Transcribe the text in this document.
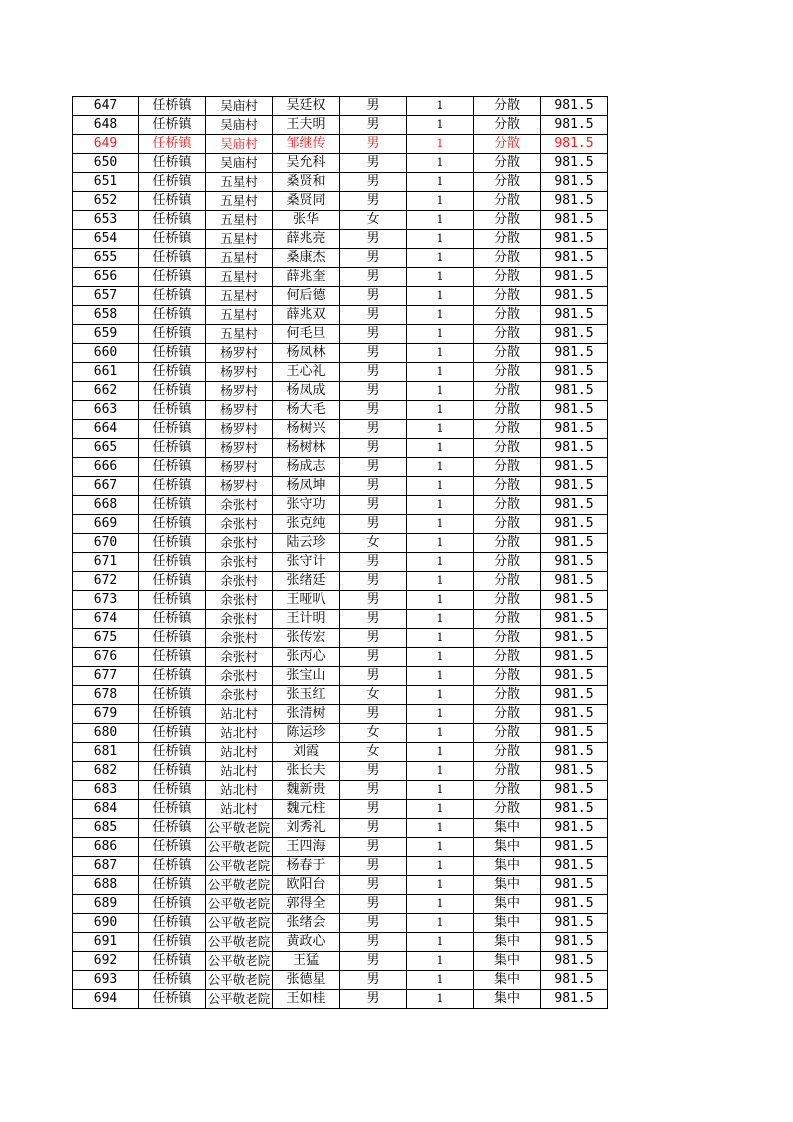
647	任桥镇	吴庙村	吴廷权	男	1	分散	981.5
648	任桥镇	吴庙村	王夫明	男	1	分散	981.5
649	任桥镇	吴庙村	邹继传	男	1	分散	981.5
650	任桥镇	吴庙村	吴允科	男	1	分散	981.5
651	任桥镇	五星村	桑贤和	男	1	分散	981.5
652	任桥镇	五星村	桑贤同	男	1	分散	981.5
653	任桥镇	五星村	张华	女	1	分散	981.5
654	任桥镇	五星村	薛兆亮	男	1	分散	981.5
655	任桥镇	五星村	桑康杰	男	1	分散	981.5
656	任桥镇	五星村	薛兆奎	男	1	分散	981.5
657	任桥镇	五星村	何后德	男	1	分散	981.5
658	任桥镇	五星村	薛兆双	男	1	分散	981.5
659	任桥镇	五星村	何毛旦	男	1	分散	981.5
660	任桥镇	杨罗村	杨凤林	男	1	分散	981.5
661	任桥镇	杨罗村	王心礼	男	1	分散	981.5
662	任桥镇	杨罗村	杨凤成	男	1	分散	981.5
663	任桥镇	杨罗村	杨大毛	男	1	分散	981.5
664	任桥镇	杨罗村	杨树兴	男	1	分散	981.5
665	任桥镇	杨罗村	杨树林	男	1	分散	981.5
666	任桥镇	杨罗村	杨成志	男	1	分散	981.5
667	任桥镇	杨罗村	杨凤坤	男	1	分散	981.5
668	任桥镇	余张村	张守功	男	1	分散	981.5
669	任桥镇	余张村	张克纯	男	1	分散	981.5
670	任桥镇	余张村	陆云珍	女	1	分散	981.5
671	任桥镇	余张村	张守计	男	1	分散	981.5
672	任桥镇	余张村	张绪廷	男	1	分散	981.5
673	任桥镇	余张村	王哑叭	男	1	分散	981.5
674	任桥镇	余张村	王计明	男	1	分散	981.5
675	任桥镇	余张村	张传宏	男	1	分散	981.5
676	任桥镇	余张村	张丙心	男	1	分散	981.5
677	任桥镇	余张村	张宝山	男	1	分散	981.5
678	任桥镇	余张村	张玉红	女	1	分散	981.5
679	任桥镇	站北村	张清树	男	1	分散	981.5
680	任桥镇	站北村	陈运珍	女	1	分散	981.5
681	任桥镇	站北村	刘霞	女	1	分散	981.5
682	任桥镇	站北村	张长夫	男	1	分散	981.5
683	任桥镇	站北村	魏新贵	男	1	分散	981.5
684	任桥镇	站北村	魏元柱	男	1	分散	981.5
685	任桥镇	公平敬老院	刘秀礼	男	1	集中	981.5
686	任桥镇	公平敬老院	王四海	男	1	集中	981.5
687	任桥镇	公平敬老院	杨春于	男	1	集中	981.5
688	任桥镇	公平敬老院	欧阳台	男	1	集中	981.5
689	任桥镇	公平敬老院	郭得全	男	1	集中	981.5
690	任桥镇	公平敬老院	张绪会	男	1	集中	981.5
691	任桥镇	公平敬老院	黄政心	男	1	集中	981.5
692	任桥镇	公平敬老院	王猛	男	1	集中	981.5
693	任桥镇	公平敬老院	张德星	男	1	集中	981.5
694	任桥镇	公平敬老院	王如桂	男	1	集中	981.5
